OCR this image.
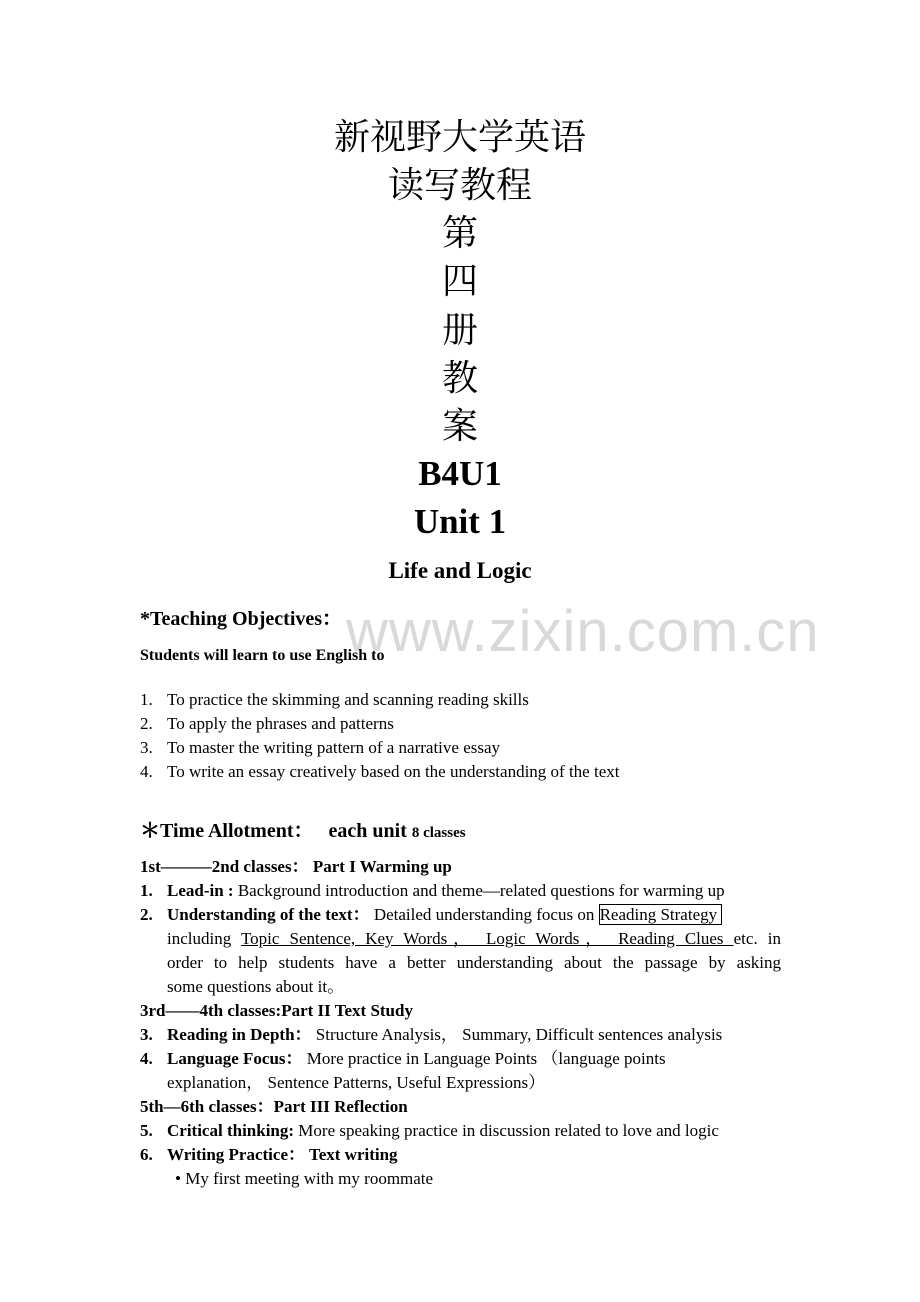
新视野大学英语
读写教程
第
四
册
教
案
B4U1
Unit 1
Life and Logic
www.zixin.com.cn
*Teaching Objectives：
Students will learn to use English to
1. To practice the skimming and scanning reading skills
2. To apply the phrases and patterns
3. To master the writing pattern of a narrative essay
4. To write an essay creatively based on the understanding of the text
＊Time Allotment： each unit 8 classes
1st———2nd classes： Part I Warming up
1. Lead-in : Background introduction and theme—related questions for warming up
2. Understanding of the text： Detailed understanding focus on Reading Strategy
including Topic Sentence, Key Words， Logic Words， Reading Clues etc. in
order to help students have a better understanding about the passage by asking
some questions about it。
3rd——4th classes:Part II Text Study
3. Reading in Depth： Structure Analysis， Summary, Difficult sentences analysis
4. Language Focus： More practice in Language Points （language points
explanation， Sentence Patterns, Useful Expressions）
5th—6th classes：Part III Reflection
5. Critical thinking: More speaking practice in discussion related to love and logic
6. Writing Practice： Text writing
• My first meeting with my roommate
